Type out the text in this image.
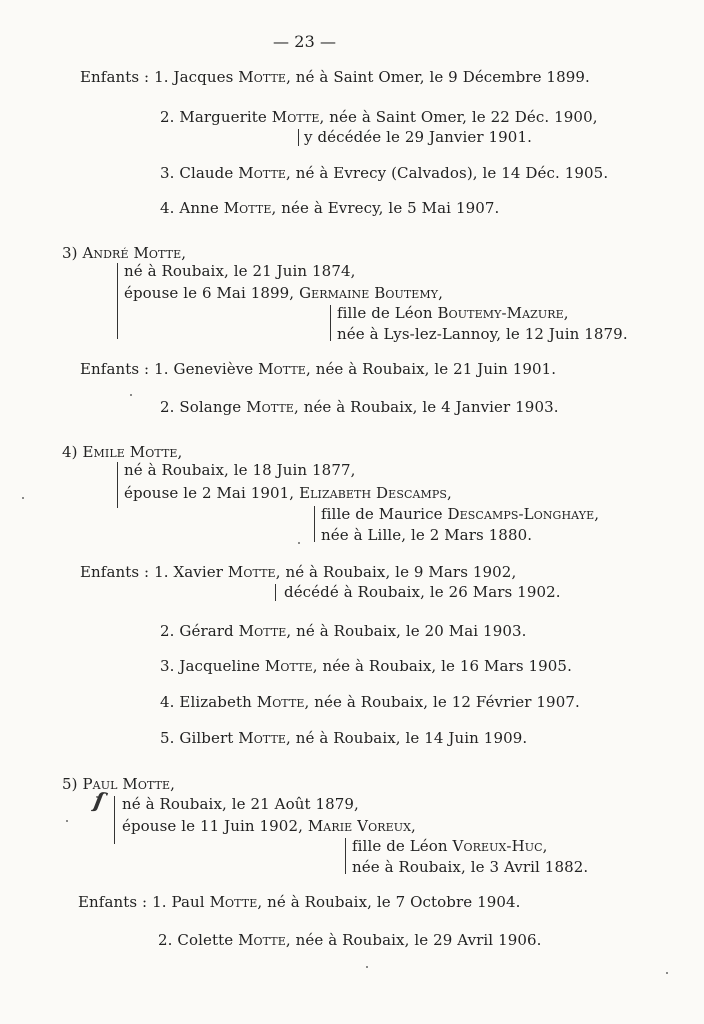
— 23 —
Enfants : 1. Jacques Motte, né à Saint Omer, le 9 Décembre 1899.
2. Marguerite Motte, née à Saint Omer, le 22 Déc. 1900,
y décédée le 29 Janvier 1901.
3. Claude Motte, né à Evrecy (Calvados), le 14 Déc. 1905.
4. Anne Motte, née à Evrecy, le 5 Mai 1907.
3) André Motte,
né à Roubaix, le 21 Juin 1874,
épouse le 6 Mai 1899, Germaine Boutemy,
fille de Léon Boutemy-Mazure,
née à Lys-lez-Lannoy, le 12 Juin 1879.
Enfants : 1. Geneviève Motte, née à Roubaix, le 21 Juin 1901.
2. Solange Motte, née à Roubaix, le 4 Janvier 1903.
4) Emile Motte,
né à Roubaix, le 18 Juin 1877,
épouse le 2 Mai 1901, Elizabeth Descamps,
fille de Maurice Descamps-Longhaye,
née à Lille, le 2 Mars 1880.
Enfants : 1. Xavier Motte, né à Roubaix, le 9 Mars 1902,
décédé à Roubaix, le 26 Mars 1902.
2. Gérard Motte, né à Roubaix, le 20 Mai 1903.
3. Jacqueline Motte, née à Roubaix, le 16 Mars 1905.
4. Elizabeth Motte, née à Roubaix, le 12 Février 1907.
5. Gilbert Motte, né à Roubaix, le 14 Juin 1909.
5) Paul Motte,
ſ né à Roubaix, le 21 Août 1879,
épouse le 11 Juin 1902, Marie Voreux,
fille de Léon Voreux-Huc,
née à Roubaix, le 3 Avril 1882.
Enfants : 1. Paul Motte, né à Roubaix, le 7 Octobre 1904.
2. Colette Motte, née à Roubaix, le 29 Avril 1906.
